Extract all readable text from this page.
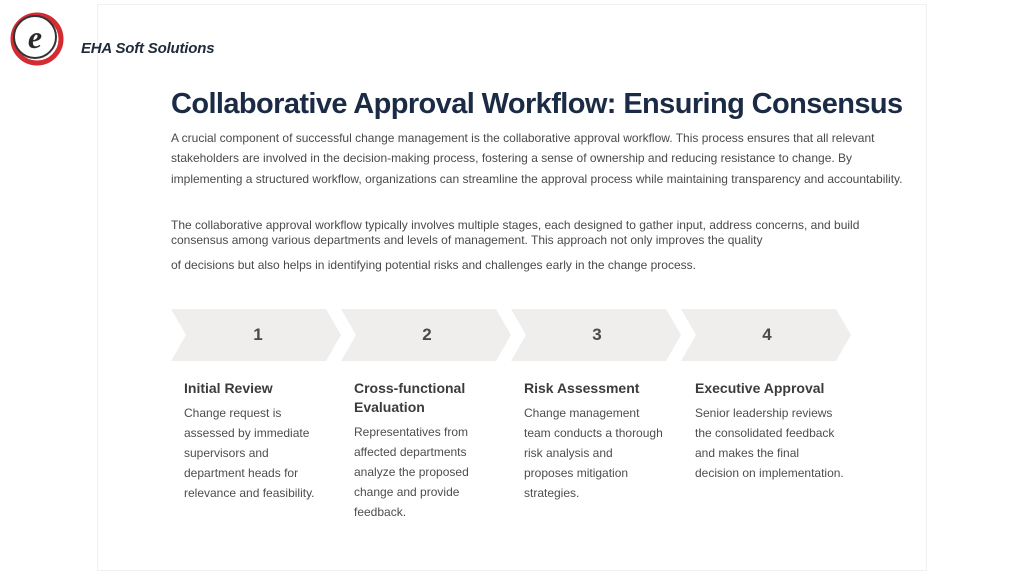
e	EHA Soft Solutions
Collaborative Approval Workflow: Ensuring Consensus
A crucial component of successful change management is the collaborative approval workflow. This process ensures that all relevant stakeholders are involved in the decision-making process, fostering a sense of ownership and reducing resistance to change. By implementing a structured workflow, organizations can streamline the approval process while maintaining transparency and accountability.
The collaborative approval workflow typically involves multiple stages, each designed to gather input, address concerns, and build consensus among various departments and levels of management. This approach not only improves the quality
of decisions but also helps in identifying potential risks and challenges early in the change process.
1	2	3	4
Initial Review	Cross-functional Evaluation
Risk Assessment	Executive Approval
Change request is assessed by immediate supervisors and department heads for relevance and feasibility.
Representatives from affected departments analyze the proposed change and provide feedback.
Change management team conducts a thorough risk analysis and proposes mitigation strategies.
Senior leadership reviews the consolidated feedback and makes the final decision on implementation.
